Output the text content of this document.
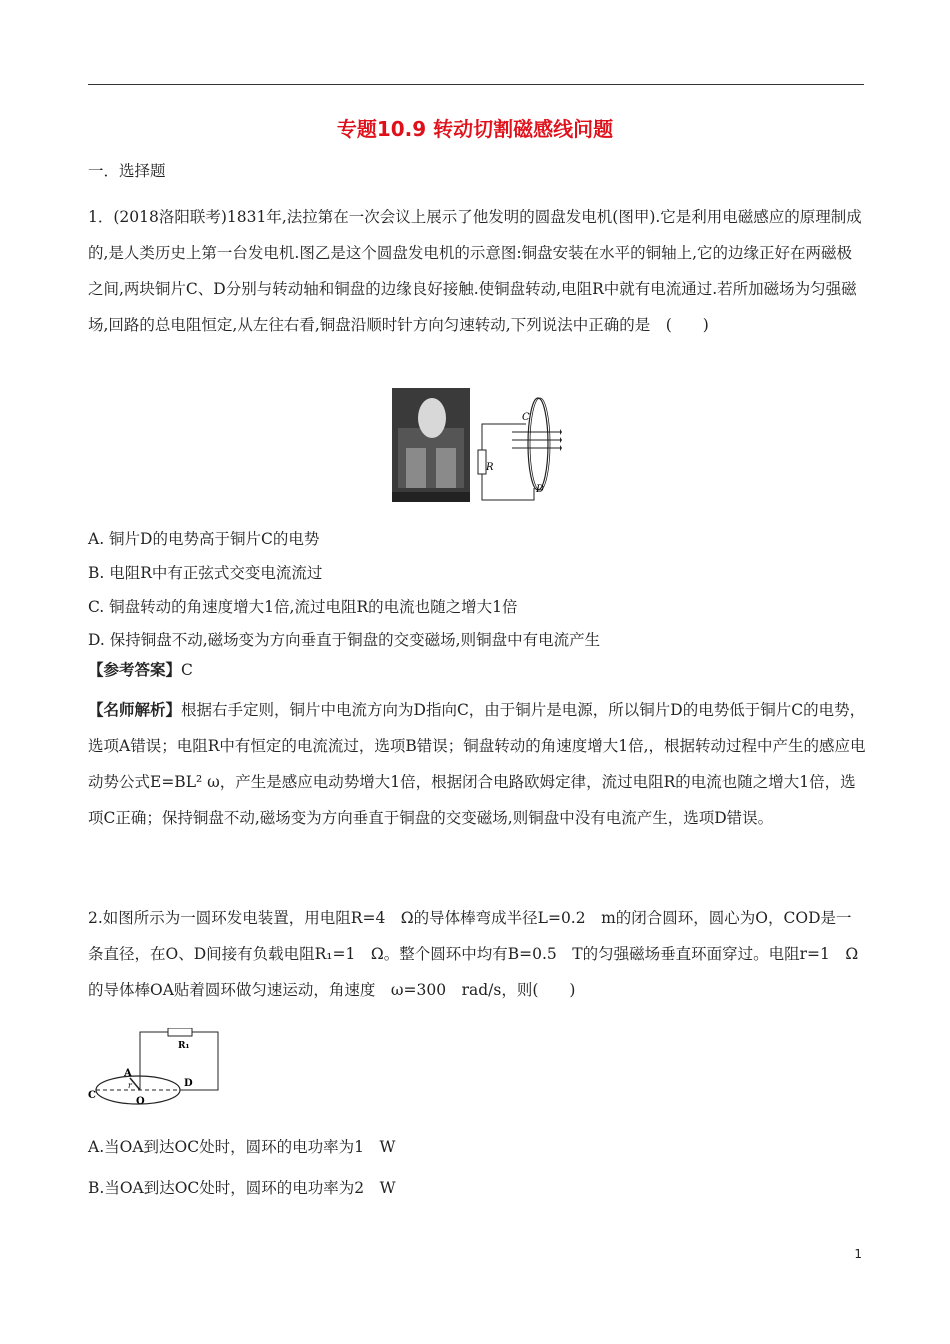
专题10.9 转动切割磁感线问题

一．选择题

1．(2018洛阳联考)1831年,法拉第在一次会议上展示了他发明的圆盘发电机(图甲).它是利用电磁感应的原理制成的,是人类历史上第一台发电机.图乙是这个圆盘发电机的示意图:铜盘安装在水平的铜轴上,它的边缘正好在两磁极之间,两块铜片C、D分别与转动轴和铜盘的边缘良好接触.使铜盘转动,电阻R中就有电流通过.若所加磁场为匀强磁场,回路的总电阻恒定,从左往右看,铜盘沿顺时针方向匀速转动,下列说法中正确的是　(　　)

R
C
D

A. 铜片D的电势高于铜片C的电势

B. 电阻R中有正弦式交变电流流过

C. 铜盘转动的角速度增大1倍,流过电阻R的电流也随之增大1倍

D. 保持铜盘不动,磁场变为方向垂直于铜盘的交变磁场,则铜盘中有电流产生

【参考答案】C

【名师解析】根据右手定则，铜片中电流方向为D指向C，由于铜片是电源，所以铜片D的电势低于铜片C的电势，选项A错误；电阻R中有恒定的电流流过，选项B错误；铜盘转动的角速度增大1倍,，根据转动过程中产生的感应电动势公式E=BL² ω，产生是感应电动势增大1倍，根据闭合电路欧姆定律，流过电阻R的电流也随之增大1倍，选项C正确；保持铜盘不动,磁场变为方向垂直于铜盘的交变磁场,则铜盘中没有电流产生，选项D错误。

2.如图所示为一圆环发电装置，用电阻R=4　Ω的导体棒弯成半径L=0.2　m的闭合圆环，圆心为O，COD是一条直径，在O、D间接有负载电阻R₁=1　Ω。整个圆环中均有B=0.5　T的匀强磁场垂直环面穿过。电阻r=1　Ω的导体棒OA贴着圆环做匀速运动，角速度　ω=300　rad/s，则(　　)

R₁
A
r
C
O
D

A.当OA到达OC处时，圆环的电功率为1　W

B.当OA到达OC处时，圆环的电功率为2　W

1
